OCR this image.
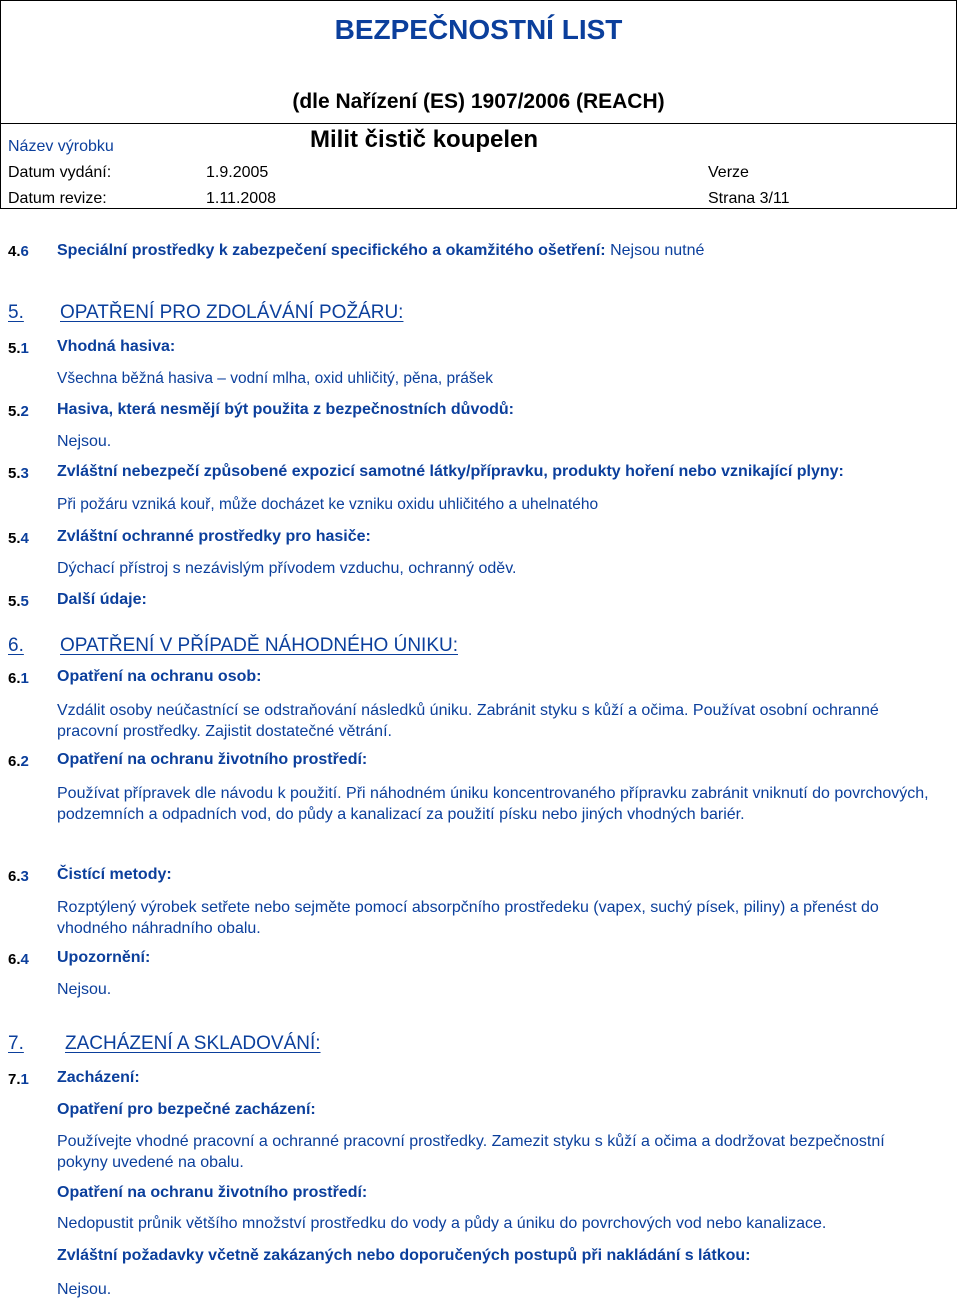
BEZPEČNOSTNÍ LIST
(dle Nařízení (ES) 1907/2006 (REACH)
Název výrobku	Milit čistič koupelen
Datum vydání:	1.9.2005	Verze
Datum revize:	1.11.2008	Strana 3/11
4.6 Speciální prostředky k zabezpečení specifického a okamžitého ošetření: Nejsou nutné
5. OPATŘENÍ PRO ZDOLÁVÁNÍ POŽÁRU:
5.1 Vhodná hasiva:
Všechna běžná hasiva – vodní mlha, oxid uhličitý, pěna, prášek
5.2 Hasiva, která nesmějí být použita z bezpečnostních důvodů:
Nejsou.
5.3 Zvláštní nebezpečí způsobené expozicí samotné látky/přípravku, produkty hoření nebo vznikající plyny:
Při požáru vzniká kouř, může docházet ke vzniku oxidu uhličitého a uhelnatého
5.4 Zvláštní ochranné prostředky pro hasiče:
Dýchací přístroj s nezávislým přívodem vzduchu, ochranný oděv.
5.5 Další údaje:
6. OPATŘENÍ V PŘÍPADĚ NÁHODNÉHO ÚNIKU:
6.1 Opatření na ochranu osob:
Vzdálit osoby neúčastnící se odstraňování následků úniku. Zabránit styku s kůží a očima. Používat osobní ochranné pracovní prostředky. Zajistit dostatečné větrání.
6.2 Opatření na ochranu životního prostředí:
Používat přípravek dle návodu k použití. Při náhodném úniku koncentrovaného přípravku zabránit vniknutí do povrchových, podzemních a odpadních vod, do půdy a kanalizací za použití písku nebo jiných vhodných bariér.
6.3 Čistící metody:
Rozptýlený výrobek setřete nebo sejměte pomocí absorpčního prostředeku (vapex, suchý písek, piliny) a přenést do vhodného náhradního obalu.
6.4 Upozornění:
Nejsou.
7. ZACHÁZENÍ A SKLADOVÁNÍ:
7.1 Zacházení:
Opatření pro bezpečné zacházení:
Používejte vhodné pracovní a ochranné pracovní prostředky. Zamezit styku s kůží a očima a dodržovat bezpečnostní pokyny uvedené na obalu.
Opatření na ochranu životního prostředí:
Nedopustit průnik většího množství prostředku do vody a půdy a úniku do povrchových vod nebo kanalizace.
Zvláštní požadavky včetně zakázaných nebo doporučených postupů při nakládání s látkou:
Nejsou.
